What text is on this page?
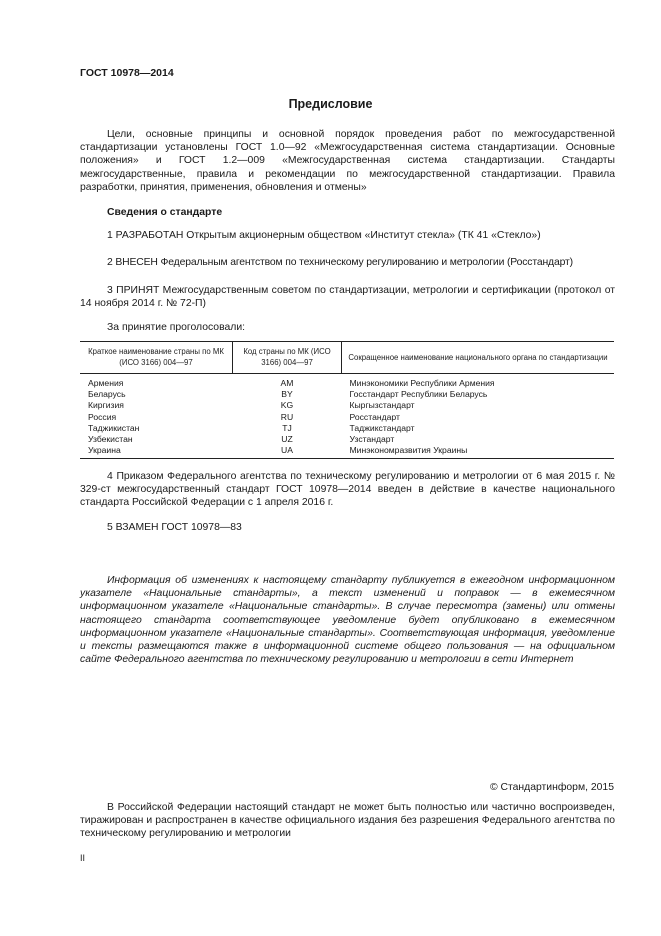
ГОСТ 10978—2014
Предисловие
Цели, основные принципы и основной порядок проведения работ по межгосударственной стандартизации установлены ГОСТ 1.0—92 «Межгосударственная система стандартизации. Основные положения» и ГОСТ 1.2—009 «Межгосударственная система стандартизации. Стандарты межгосударственные, правила и рекомендации по межгосударственной стандартизации. Правила разработки, принятия, применения, обновления и отмены»
Сведения о стандарте
1 РАЗРАБОТАН Открытым акционерным обществом «Институт стекла» (ТК 41 «Стекло»)
2 ВНЕСЕН Федеральным агентством по техническому регулированию и метрологии (Росстандарт)
3 ПРИНЯТ Межгосударственным советом по стандартизации, метрологии и сертификации (протокол от 14 ноября 2014 г. № 72-П)
За принятие проголосовали:
Краткое наименование страны по МК (ИСО 3166) 004—97	Код страны по МК (ИСО 3166) 004—97	Сокращенное наименование национального органа по стандартизации
Армения	AM	Минэкономики Республики Армения
Беларусь	BY	Госстандарт Республики Беларусь
Киргизия	KG	Кыргызстандарт
Россия	RU	Росстандарт
Таджикистан	TJ	Таджикстандарт
Узбекистан	UZ	Узстандарт
Украина	UA	Минэкономразвития Украины
4 Приказом Федерального агентства по техническому регулированию и метрологии от 6 мая 2015 г. № 329-ст межгосударственный стандарт ГОСТ 10978—2014 введен в действие в качестве национального стандарта Российской Федерации с 1 апреля 2016 г.
5 ВЗАМЕН ГОСТ 10978—83
Информация об изменениях к настоящему стандарту публикуется в ежегодном информационном указателе «Национальные стандарты», а текст изменений и поправок — в ежемесячном информационном указателе «Национальные стандарты». В случае пересмотра (замены) или отмены настоящего стандарта соответствующее уведомление будет опубликовано в ежемесячном информационном указателе «Национальные стандарты». Соответствующая информация, уведомление и тексты размещаются также в информационной системе общего пользования — на официальном сайте Федерального агентства по техническому регулированию и метрологии в сети Интернет
© Стандартинформ, 2015
В Российской Федерации настоящий стандарт не может быть полностью или частично воспроизведен, тиражирован и распространен в качестве официального издания без разрешения Федерального агентства по техническому регулированию и метрологии
II
